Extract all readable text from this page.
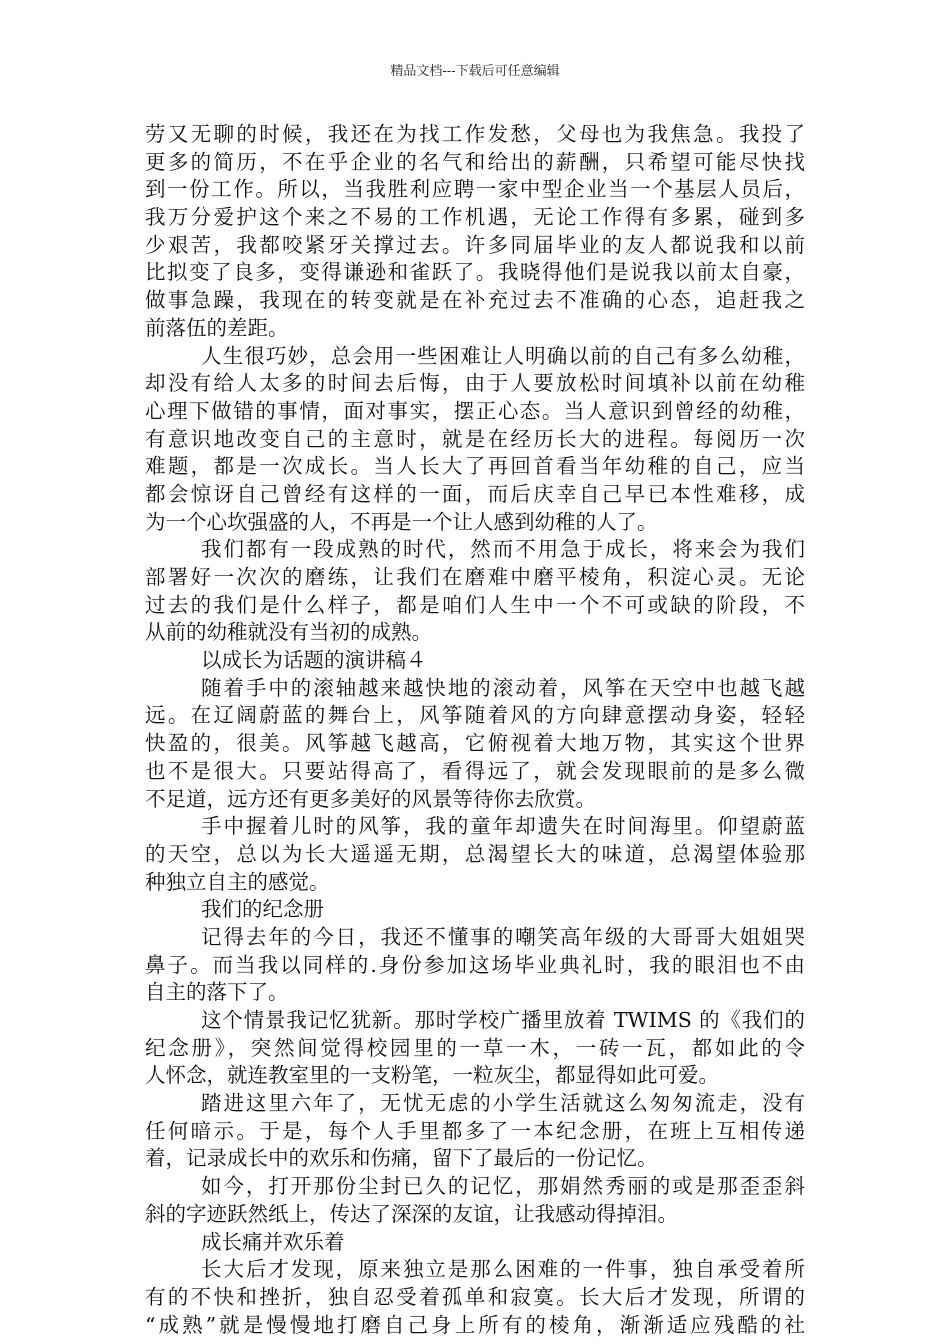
精品文档---下载后可任意编辑
劳又无聊的时候，我还在为找工作发愁，父母也为我焦急。我投了
更多的简历，不在乎企业的名气和给出的薪酬，只希望可能尽快找
到一份工作。所以，当我胜利应聘一家中型企业当一个基层人员后，
我万分爱护这个来之不易的工作机遇，无论工作得有多累，碰到多
少艰苦，我都咬紧牙关撑过去。许多同届毕业的友人都说我和以前
比拟变了良多，变得谦逊和雀跃了。我晓得他们是说我以前太自豪，
做事急躁，我现在的转变就是在补充过去不准确的心态，追赶我之
前落伍的差距。
人生很巧妙，总会用一些困难让人明确以前的自己有多么幼稚，
却没有给人太多的时间去后悔，由于人要放松时间填补以前在幼稚
心理下做错的事情，面对事实，摆正心态。当人意识到曾经的幼稚，
有意识地改变自己的主意时，就是在经历长大的进程。每阅历一次
难题，都是一次成长。当人长大了再回首看当年幼稚的自己，应当
都会惊讶自己曾经有这样的一面，而后庆幸自己早已本性难移，成
为一个心坎强盛的人，不再是一个让人感到幼稚的人了。
我们都有一段成熟的时代，然而不用急于成长，将来会为我们
部署好一次次的磨练，让我们在磨难中磨平棱角，积淀心灵。无论
过去的我们是什么样子，都是咱们人生中一个不可或缺的阶段，不
从前的幼稚就没有当初的成熟。
以成长为话题的演讲稿４
随着手中的滚轴越来越快地的滚动着，风筝在天空中也越飞越
远。在辽阔蔚蓝的舞台上，风筝随着风的方向肆意摆动身姿，轻轻
快盈的，很美。风筝越飞越高，它俯视着大地万物，其实这个世界
也不是很大。只要站得高了，看得远了，就会发现眼前的是多么微
不足道，远方还有更多美好的风景等待你去欣赏。
手中握着儿时的风筝，我的童年却遗失在时间海里。仰望蔚蓝
的天空，总以为长大遥遥无期，总渴望长大的味道，总渴望体验那
种独立自主的感觉。
我们的纪念册
记得去年的今日，我还不懂事的嘲笑高年级的大哥哥大姐姐哭
鼻子。而当我以同样的.身份参加这场毕业典礼时，我的眼泪也不由
自主的落下了。
这个情景我记忆犹新。那时学校广播里放着 TWIMS 的《我们的
纪念册》，突然间觉得校园里的一草一木，一砖一瓦，都如此的令
人怀念，就连教室里的一支粉笔，一粒灰尘，都显得如此可爱。
踏进这里六年了，无忧无虑的小学生活就这么匆匆流走，没有
任何暗示。于是，每个人手里都多了一本纪念册，在班上互相传递
着，记录成长中的欢乐和伤痛，留下了最后的一份记忆。
如今，打开那份尘封已久的记忆，那娟然秀丽的或是那歪歪斜
斜的字迹跃然纸上，传达了深深的友谊，让我感动得掉泪。
成长痛并欢乐着
长大后才发现，原来独立是那么困难的一件事，独自承受着所
有的不快和挫折，独自忍受着孤单和寂寞。长大后才发现，所谓的
“成熟”就是慢慢地打磨自己身上所有的棱角，渐渐适应残酷的社
